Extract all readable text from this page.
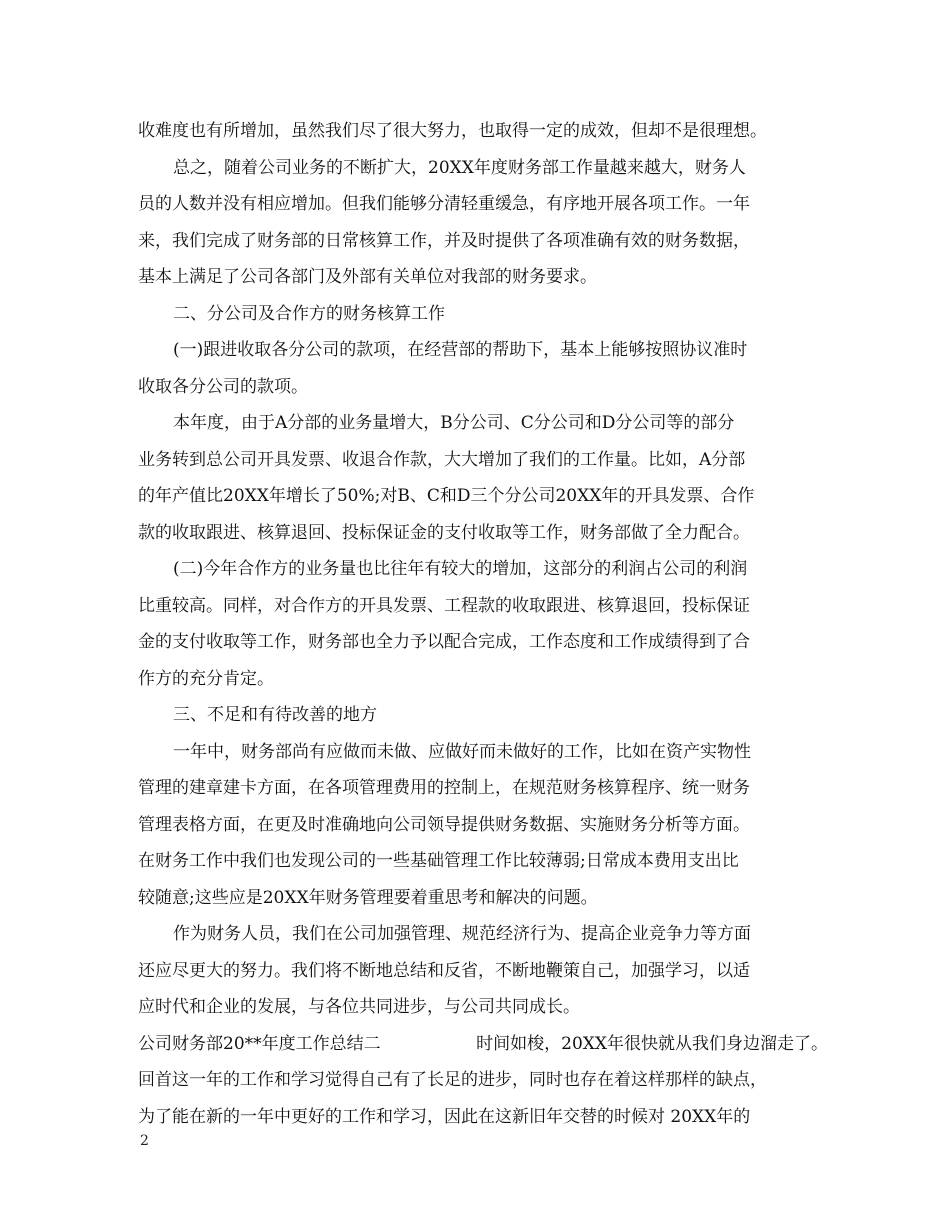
收难度也有所增加，虽然我们尽了很大努力，也取得一定的成效，但却不是很理想。
总之，随着公司业务的不断扩大，20XX年度财务部工作量越来越大，财务人
员的人数并没有相应增加。但我们能够分清轻重缓急，有序地开展各项工作。一年
来，我们完成了财务部的日常核算工作，并及时提供了各项准确有效的财务数据，
基本上满足了公司各部门及外部有关单位对我部的财务要求。
二、分公司及合作方的财务核算工作
(一)跟进收取各分公司的款项，在经营部的帮助下，基本上能够按照协议准时
收取各分公司的款项。
本年度，由于A分部的业务量增大，B分公司、C分公司和D分公司等的部分
业务转到总公司开具发票、收退合作款，大大增加了我们的工作量。比如，A分部
的年产值比20XX年增长了50%;对B、C和D三个分公司20XX年的开具发票、合作
款的收取跟进、核算退回、投标保证金的支付收取等工作，财务部做了全力配合。
(二)今年合作方的业务量也比往年有较大的增加，这部分的利润占公司的利润
比重较高。同样，对合作方的开具发票、工程款的收取跟进、核算退回，投标保证
金的支付收取等工作，财务部也全力予以配合完成，工作态度和工作成绩得到了合
作方的充分肯定。
三、不足和有待改善的地方
一年中，财务部尚有应做而未做、应做好而未做好的工作，比如在资产实物性
管理的建章建卡方面，在各项管理费用的控制上，在规范财务核算程序、统一财务
管理表格方面，在更及时准确地向公司领导提供财务数据、实施财务分析等方面。
在财务工作中我们也发现公司的一些基础管理工作比较薄弱;日常成本费用支出比
较随意;这些应是20XX年财务管理要着重思考和解决的问题。
作为财务人员，我们在公司加强管理、规范经济行为、提高企业竞争力等方面
还应尽更大的努力。我们将不断地总结和反省，不断地鞭策自己，加强学习，以适
应时代和企业的发展，与各位共同进步，与公司共同成长。
公司财务部20**年度工作总结二	时间如梭，20XX年很快就从我们身边溜走了。
回首这一年的工作和学习觉得自己有了长足的进步，同时也存在着这样那样的缺点，
为了能在新的一年中更好的工作和学习，因此在这新旧年交替的时候对 20XX年的
2
